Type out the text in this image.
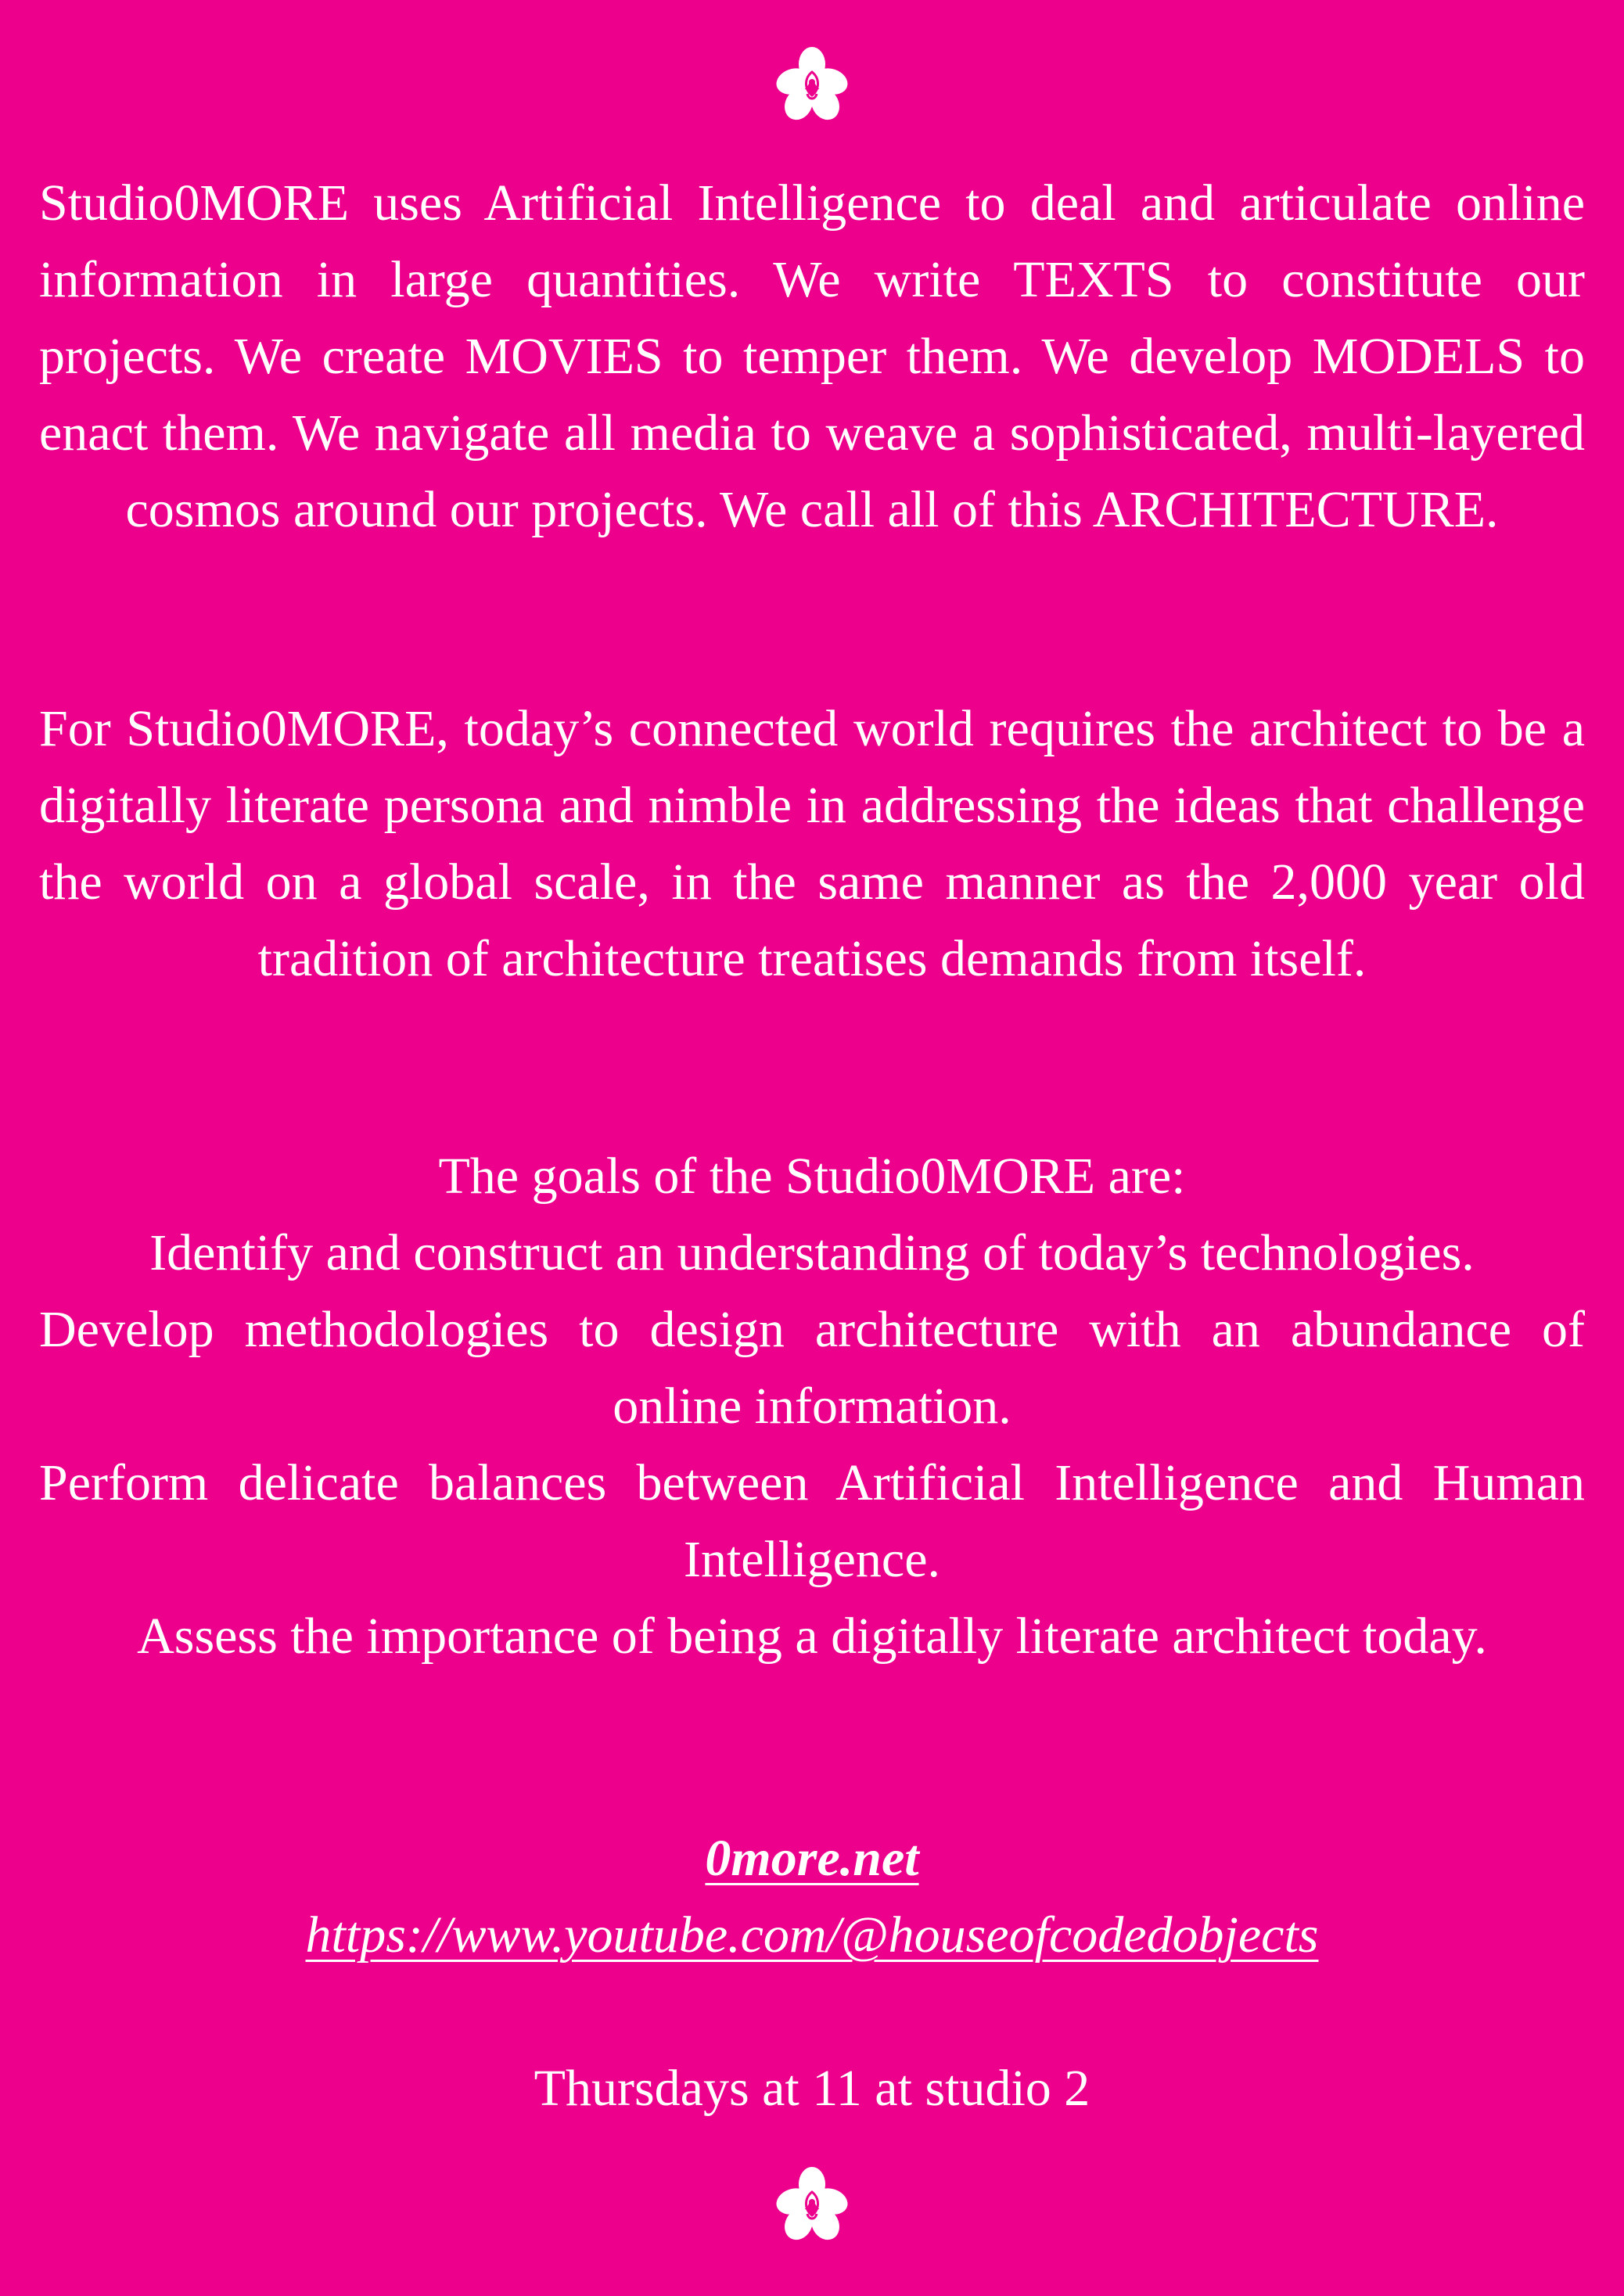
Studio0MORE uses Artificial Intelligence to deal and articulate online information in large quantities. We write TEXTS to constitute our projects. We create MOVIES to temper them. We develop MODELS to enact them. We navigate all media to weave a sophisticated, multi-layered cosmos around our projects. We call all of this ARCHITECTURE.

For Studio0MORE, today’s connected world requires the architect to be a digitally literate persona and nimble in addressing the ideas that challenge the world on a global scale, in the same manner as the 2,000 year old tradition of architecture treatises demands from itself.

The goals of the Studio0MORE are:
Identify and construct an understanding of today’s technologies.
Develop methodologies to design architecture with an abundance of online information.
Perform delicate balances between Artificial Intelligence and Human Intelligence.
Assess the importance of being a digitally literate architect today.
0more.net
https://www.youtube.com/@houseofcodedobjects

Thursdays at 11 at studio 2
